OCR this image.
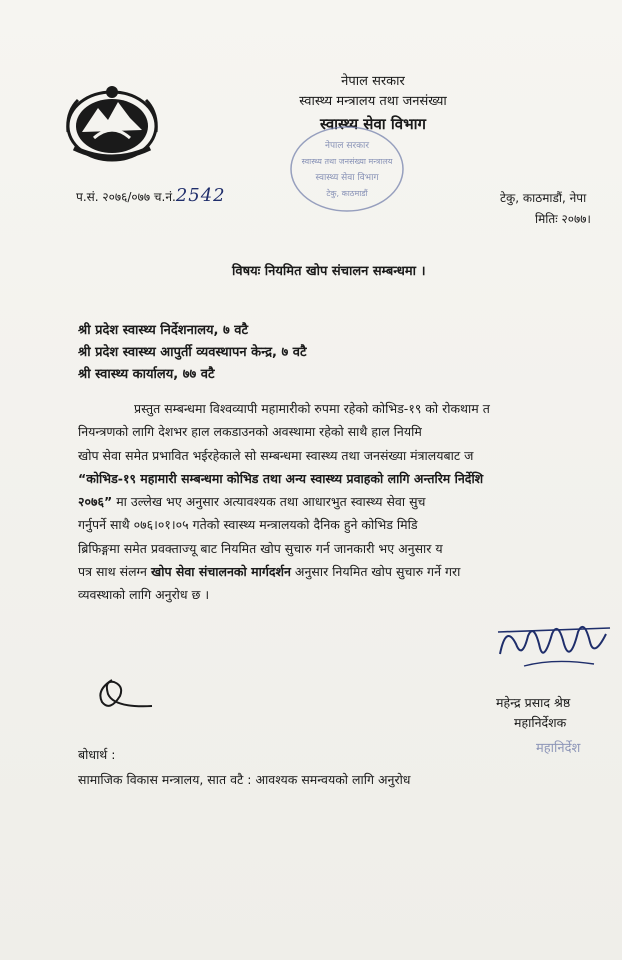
नेपाल सरकार
स्वास्थ्य मन्त्रालय तथा जनसंख्या
स्वास्थ्य सेवा विभाग
नेपाल सरकार
स्वास्थ्य तथा जनसंख्या मन्त्रालय
स्वास्थ्य सेवा विभाग
टेकु, काठमाडौं
प.सं. २०७६/०७७ च.नं.2542	टेकु, काठमाडौं, नेपा
मितिः २०७७।
विषयः नियमित खोप संचालन सम्बन्धमा ।
श्री प्रदेश स्वास्थ्य निर्देशनालय, ७ वटै
श्री प्रदेश स्वास्थ्य आपुर्ती व्यवस्थापन केन्द्र, ७ वटै
श्री स्वास्थ्य कार्यालय, ७७ वटै
प्रस्तुत सम्बन्धमा विश्वव्यापी महामारीको रुपमा रहेको कोभिड-१९ को रोकथाम त
नियन्त्रणको लागि देशभर हाल लकडाउनको अवस्थामा रहेको साथै हाल नियमि
खोप सेवा समेत प्रभावित भईरहेकाले सो सम्बन्धमा स्वास्थ्य तथा जनसंख्या मंत्रालयबाट ज
“कोभिड-१९ महामारी सम्बन्धमा कोभिड तथा अन्य स्वास्थ्य प्रवाहको लागि अन्तरिम निर्देशि
२०७६” मा उल्लेख भए अनुसार अत्यावश्यक तथा आधारभुत स्वास्थ्य सेवा सुच
गर्नुपर्ने साथै ०७६।०१।०५ गतेको स्वास्थ्य मन्त्रालयको दैनिक हुने कोभिड मिडि
ब्रिफिङ्गमा समेत प्रवक्ताज्यू बाट नियमित खोप सुचारु गर्न जानकारी भए अनुसार य
पत्र साथ संलग्न खोप सेवा संचालनको मार्गदर्शन अनुसार नियमित खोप सुचारु गर्ने गरा
व्यवस्थाको लागि अनुरोध छ ।
महेन्द्र प्रसाद श्रेष्ठ
महानिर्देशक
महानिर्देश
बोधार्थ :
सामाजिक विकास मन्त्रालय, सात वटै : आवश्यक समन्वयको लागि अनुरोध
